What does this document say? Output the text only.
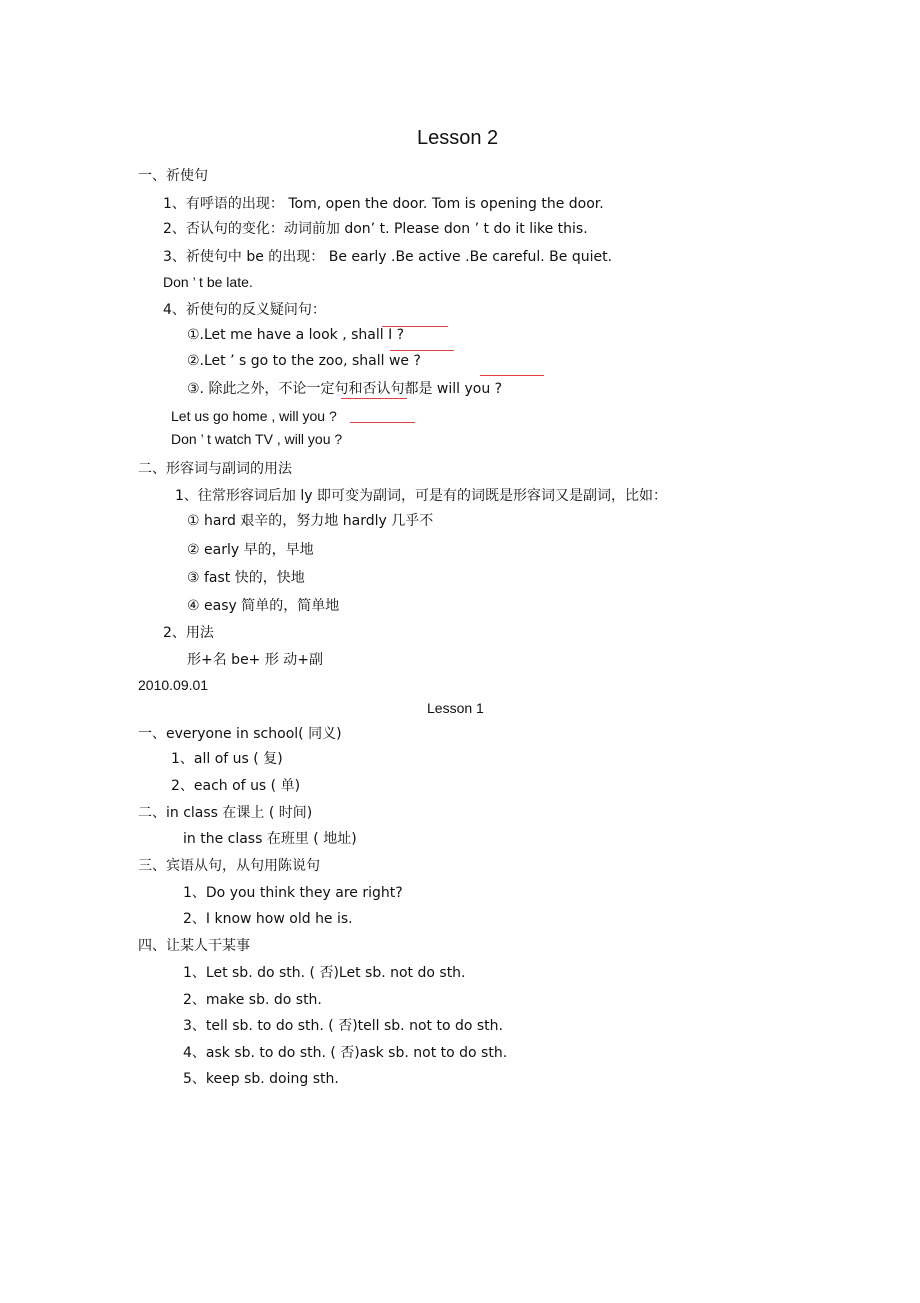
Lesson 2
一、祈使句
1、有呼语的出现： Tom, open the door. Tom is opening the door.
2、否认句的变化：动词前加 don’ t. Please don ’ t do it like this.
3、祈使句中 be 的出现： Be early .Be active .Be careful. Be quiet.
Don ’ t be late.
4、祈使句的反义疑问句：
①.Let me have a look , shall I ?
②.Let ’ s go to the zoo, shall we ?
③. 除此之外，不论一定句和否认句都是 will you ?
Let us go home , will you ?
Don ’ t watch TV , will you ?
二、形容词与副词的用法
1、往常形容词后加 ly 即可变为副词，可是有的词既是形容词又是副词，比如：
① hard 艰辛的，努力地 hardly 几乎不
② early 早的，早地
③ fast 快的，快地
④ easy 简单的，简单地
2、用法
形+名 be+ 形 动+副
2010.09.01
Lesson 1
一、everyone in school( 同义)
1、all of us ( 复)
2、each of us ( 单)
二、in class 在课上 ( 时间)
in the class 在班里 ( 地址)
三、宾语从句，从句用陈说句
1、Do you think they are right?
2、I know how old he is.
四、让某人干某事
1、Let sb. do sth. ( 否)Let sb. not do sth.
2、make sb. do sth.
3、tell sb. to do sth. ( 否)tell sb. not to do sth.
4、ask sb. to do sth. ( 否)ask sb. not to do sth.
5、keep sb. doing sth.
